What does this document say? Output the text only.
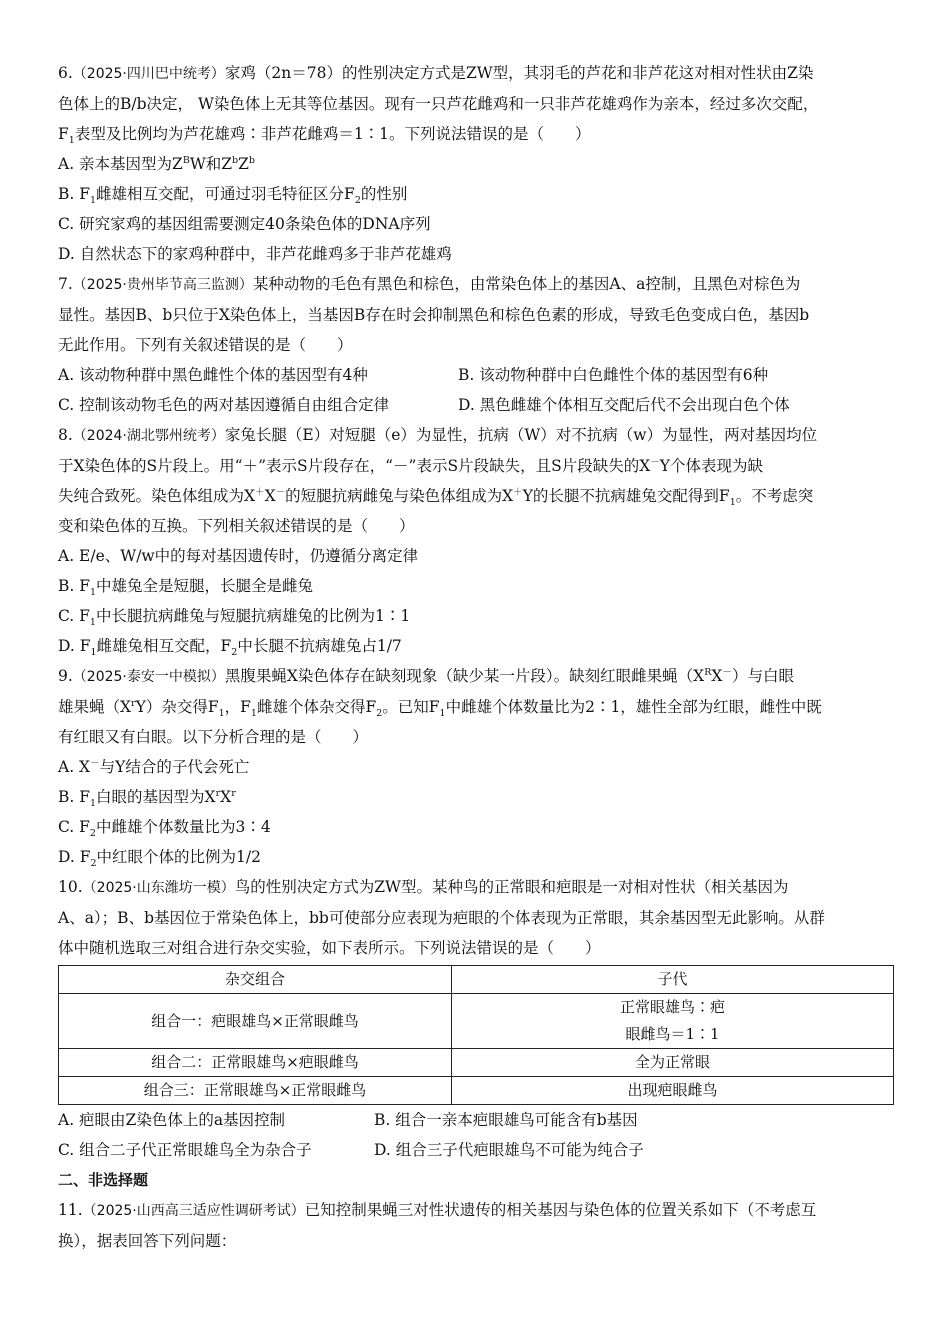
6.（2025·四川巴中统考）家鸡（2n＝78）的性别决定方式是ZW型，其羽毛的芦花和非芦花这对相对性状由Z染

色体上的B/b决定， W染色体上无其等位基因。现有一只芦花雌鸡和一只非芦花雄鸡作为亲本，经过多次交配，

$F_1$表型及比例均为芦花雄鸡∶非芦花雌鸡＝1∶1。下列说法错误的是（　　）

A. 亲本基因型为$Z^BW$和$Z^bZ^b$

B. $F_1$雌雄相互交配，可通过羽毛特征区分$F_2$的性别

C. 研究家鸡的基因组需要测定40条染色体的DNA序列

D. 自然状态下的家鸡种群中，非芦花雌鸡多于非芦花雄鸡

7.（2025·贵州毕节高三监测）某种动物的毛色有黑色和棕色，由常染色体上的基因A、a控制，且黑色对棕色为

显性。基因B、b只位于X染色体上，当基因B存在时会抑制黑色和棕色色素的形成，导致毛色变成白色，基因b

无此作用。下列有关叙述错误的是（　　）

A. 该动物种群中黑色雌性个体的基因型有4种	B. 该动物种群中白色雌性个体的基因型有6种
C. 控制该动物毛色的两对基因遵循自由组合定律	D. 黑色雌雄个体相互交配后代不会出现白色个体

8.（2024·湖北鄂州统考）家兔长腿（E）对短腿（e）为显性，抗病（W）对不抗病（w）为显性，两对基因均位

于X染色体的S片段上。用“＋”表示S片段存在，“－”表示S片段缺失，且S片段缺失的X－Y个体表现为缺

失纯合致死。染色体组成为X＋X－的短腿抗病雌兔与染色体组成为X＋Y的长腿不抗病雄兔交配得到$F_1$。不考虑突

变和染色体的互换。下列相关叙述错误的是（　　）

A. E/e、W/w中的每对基因遗传时，仍遵循分离定律

B. $F_1$中雄兔全是短腿，长腿全是雌兔

C. $F_1$中长腿抗病雌兔与短腿抗病雄兔的比例为1∶1

D. $F_1$雌雄兔相互交配，$F_2$中长腿不抗病雄兔占1/7

9.（2025·泰安一中模拟）黑腹果蝇X染色体存在缺刻现象（缺少某一片段）。缺刻红眼雌果蝇$(X^RX^-)$与白眼

雄果蝇$(X^rY)$杂交得$F_1$，$F_1$雌雄个体杂交得$F_2$。已知$F_1$中雌雄个体数量比为2∶1，雄性全部为红眼，雌性中既

有红眼又有白眼。以下分析合理的是（　　）

A. X－与Y结合的子代会死亡

B. $F_1$白眼的基因型为$X^rX^r$

C. $F_2$中雌雄个体数量比为3∶4

D. $F_2$中红眼个体的比例为1/2

10.（2025·山东潍坊一模）鸟的性别决定方式为ZW型。某种鸟的正常眼和疤眼是一对相对性状（相关基因为

A、a）；B、b基因位于常染色体上，bb可使部分应表现为疤眼的个体表现为正常眼，其余基因型无此影响。从群

体中随机选取三对组合进行杂交实验，如下表所示。下列说法错误的是（　　）

杂交组合	子代
组合一：疤眼雄鸟×正常眼雌鸟	正常眼雄鸟∶疤
眼雌鸟＝1∶1

组合二：正常眼雄鸟×疤眼雌鸟	全为正常眼
组合三：正常眼雄鸟×正常眼雌鸟	出现疤眼雌鸟
A. 疤眼由Z染色体上的a基因控制	B. 组合一亲本疤眼雄鸟可能含有b基因
C. 组合二子代正常眼雄鸟全为杂合子	D. 组合三子代疤眼雄鸟不可能为纯合子

二、非选择题

11.（2025·山西高三适应性调研考试）已知控制果蝇三对性状遗传的相关基因与染色体的位置关系如下（不考虑互

换），据表回答下列问题：
